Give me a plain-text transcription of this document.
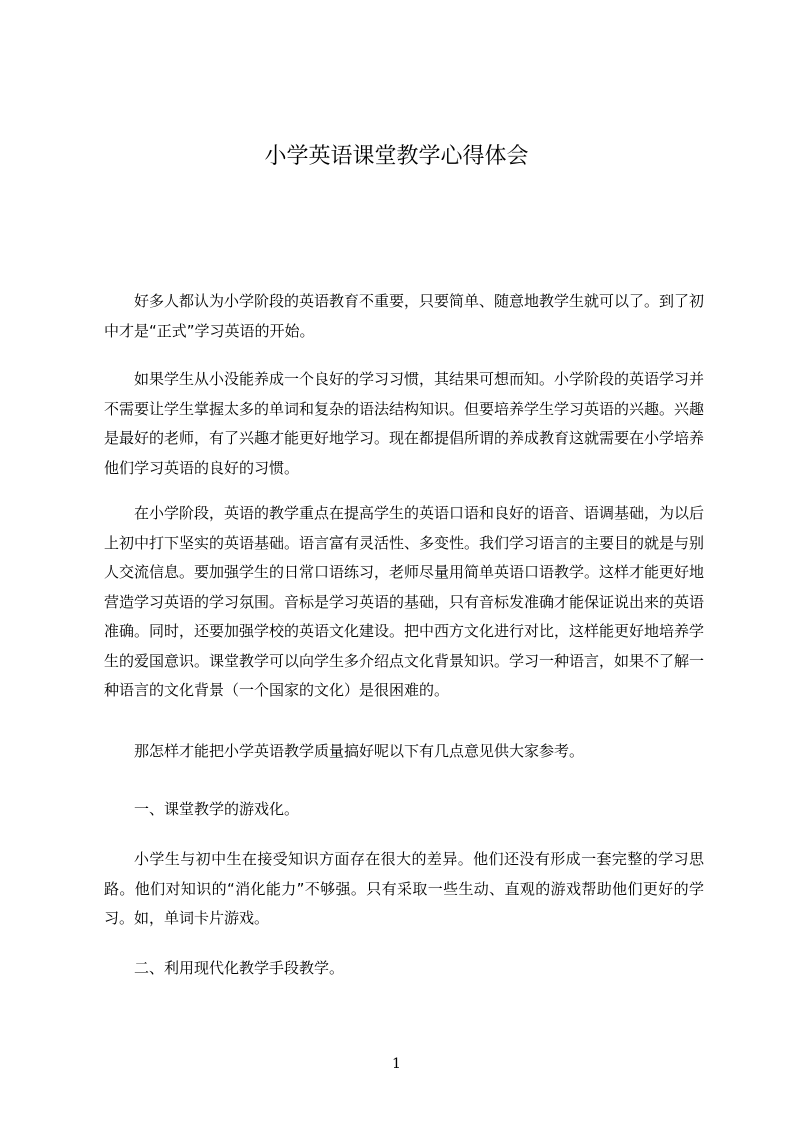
小学英语课堂教学心得体会

好多人都认为小学阶段的英语教育不重要，只要简单、随意地教学生就可以了。到了初中才是“正式”学习英语的开始。

如果学生从小没能养成一个良好的学习习惯，其结果可想而知。小学阶段的英语学习并不需要让学生掌握太多的单词和复杂的语法结构知识。但要培养学生学习英语的兴趣。兴趣是最好的老师，有了兴趣才能更好地学习。现在都提倡所谓的养成教育这就需要在小学培养他们学习英语的良好的习惯。

在小学阶段，英语的教学重点在提高学生的英语口语和良好的语音、语调基础，为以后上初中打下坚实的英语基础。语言富有灵活性、多变性。我们学习语言的主要目的就是与别人交流信息。要加强学生的日常口语练习，老师尽量用简单英语口语教学。这样才能更好地营造学习英语的学习氛围。音标是学习英语的基础，只有音标发准确才能保证说出来的英语准确。同时，还要加强学校的英语文化建设。把中西方文化进行对比，这样能更好地培养学生的爱国意识。课堂教学可以向学生多介绍点文化背景知识。学习一种语言，如果不了解一种语言的文化背景（一个国家的文化）是很困难的。

那怎样才能把小学英语教学质量搞好呢以下有几点意见供大家参考。

一、课堂教学的游戏化。

小学生与初中生在接受知识方面存在很大的差异。他们还没有形成一套完整的学习思路。他们对知识的“消化能力”不够强。只有采取一些生动、直观的游戏帮助他们更好的学习。如，单词卡片游戏。

二、利用现代化教学手段教学。

1
